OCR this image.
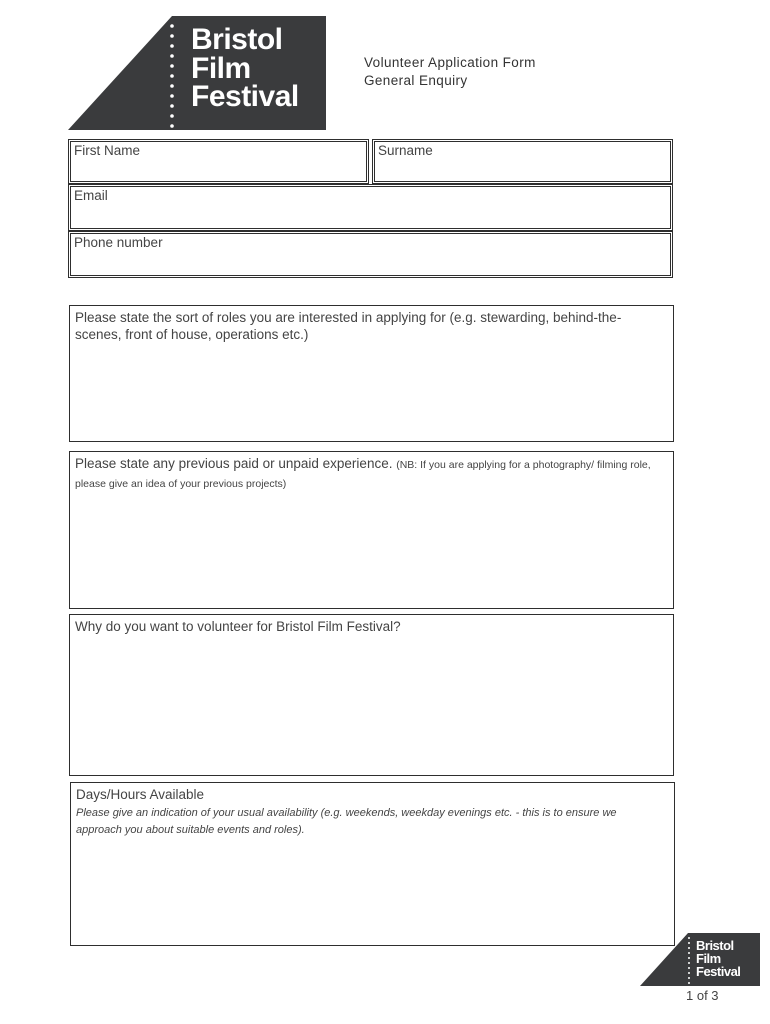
Bristol
Film
Festival
Volunteer Application Form
General Enquiry
First Name	Surname
Email
Phone number
Please state the sort of roles you are interested in applying for (e.g. stewarding, behind-the-scenes, front of house, operations etc.)
Please state any previous paid or unpaid experience. (NB: If you are applying for a photography/ filming role, please give an idea of your previous projects)
Why do you want to volunteer for Bristol Film Festival?
Days/Hours Available
Please give an indication of your usual availability (e.g. weekends, weekday evenings etc. - this is to ensure we approach you about suitable events and roles).
Bristol
Film
Festival
1 of 3
